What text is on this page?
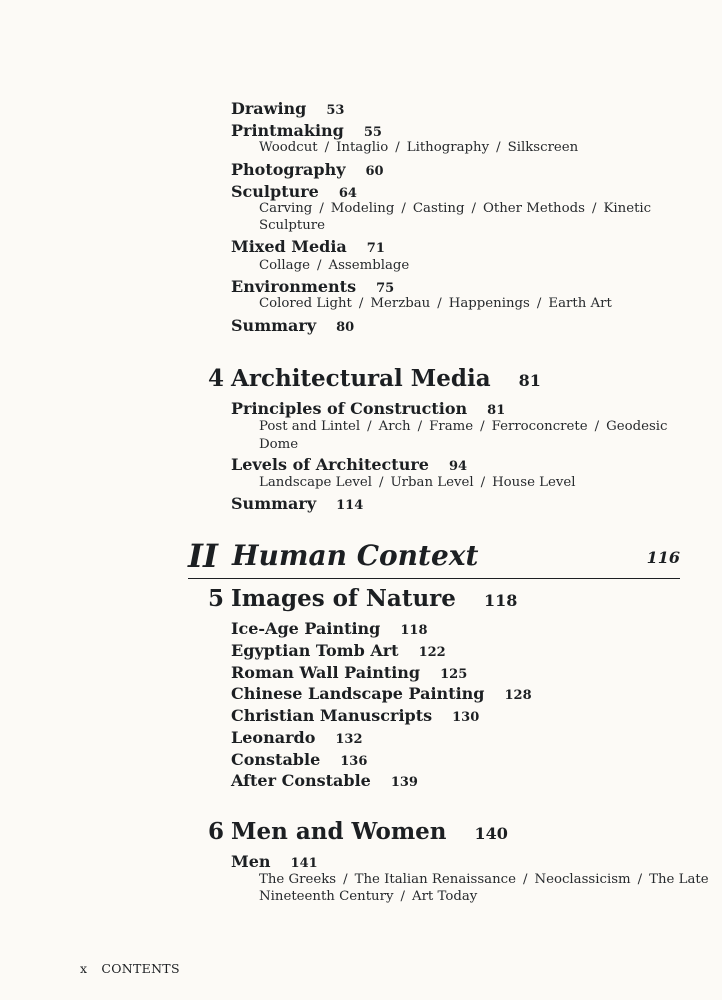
Drawing 53
Printmaking 55
Woodcut / Intaglio / Lithography / Silkscreen
Photography 60
Sculpture 64
Carving / Modeling / Casting / Other Methods / Kinetic
Sculpture
Mixed Media 71
Collage / Assemblage
Environments 75
Colored Light / Merzbau / Happenings / Earth Art
Summary 80
4 Architectural Media 81
Principles of Construction 81
Post and Lintel / Arch / Frame / Ferroconcrete / Geodesic
Dome
Levels of Architecture 94
Landscape Level / Urban Level / House Level
Summary 114
II Human Context	116
5 Images of Nature 118
Ice-Age Painting 118
Egyptian Tomb Art 122
Roman Wall Painting 125
Chinese Landscape Painting 128
Christian Manuscripts 130
Leonardo 132
Constable 136
After Constable 139
6 Men and Women 140
Men 141
The Greeks / The Italian Renaissance / Neoclassicism / The Late
Nineteenth Century / Art Today
x CONTENTS
